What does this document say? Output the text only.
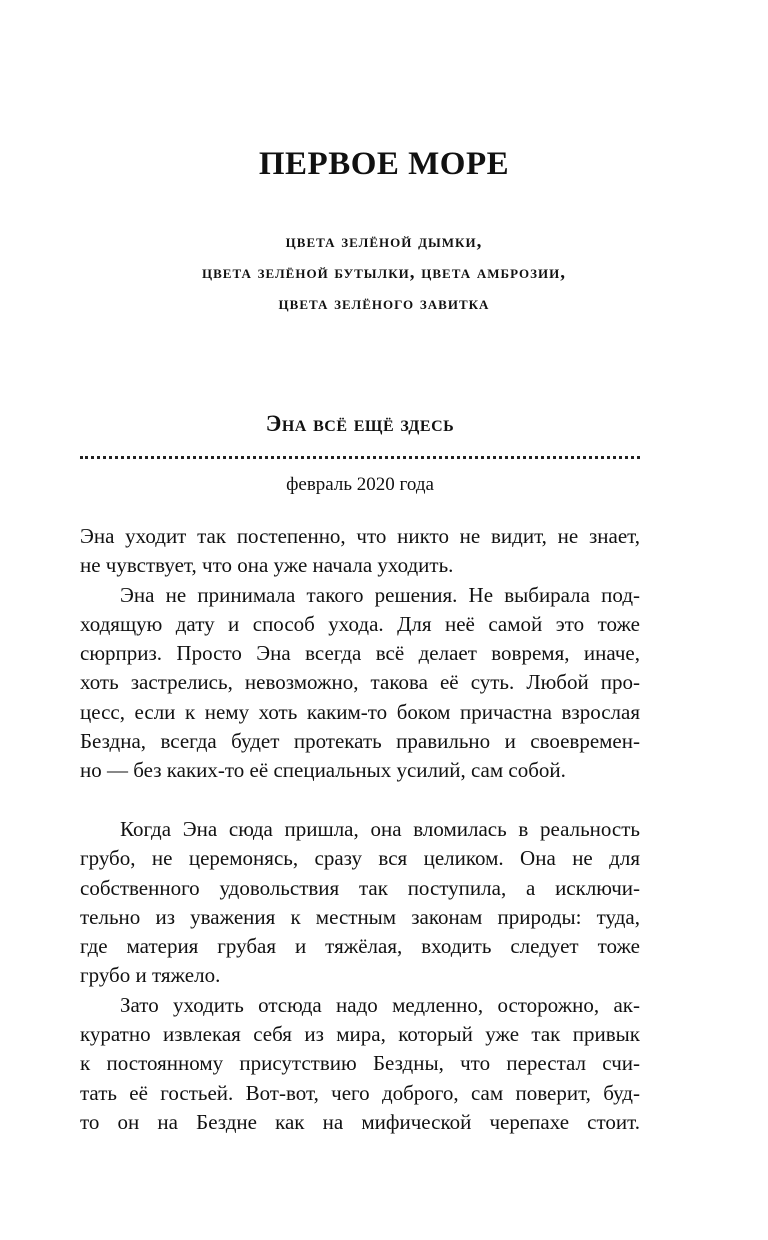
ПЕРВОЕ МОРЕ
цвета зелёной дымки,
цвета зелёной бутылки, цвета амброзии,
цвета зелёного завитка
Эна всё ещё здесь
февраль 2020 года
Эна уходит так постепенно, что никто не видит, не знает,
не чувствует, что она уже начала уходить.
Эна не принимала такого решения. Не выбирала под-
ходящую дату и способ ухода. Для неё самой это тоже
сюрприз. Просто Эна всегда всё делает вовремя, иначе,
хоть застрелись, невозможно, такова её суть. Любой про-
цесс, если к нему хоть каким-то боком причастна взрослая
Бездна, всегда будет протекать правильно и своевремен-
но — без каких-то её специальных усилий, сам собой.
Когда Эна сюда пришла, она вломилась в реальность
грубо, не церемонясь, сразу вся целиком. Она не для
собственного удовольствия так поступила, а исключи-
тельно из уважения к местным законам природы: туда,
где материя грубая и тяжёлая, входить следует тоже
грубо и тяжело.
Зато уходить отсюда надо медленно, осторожно, ак-
куратно извлекая себя из мира, который уже так привык
к постоянному присутствию Бездны, что перестал счи-
тать её гостьей. Вот-вот, чего доброго, сам поверит, буд-
то он на Бездне как на мифической черепахе стоит.
